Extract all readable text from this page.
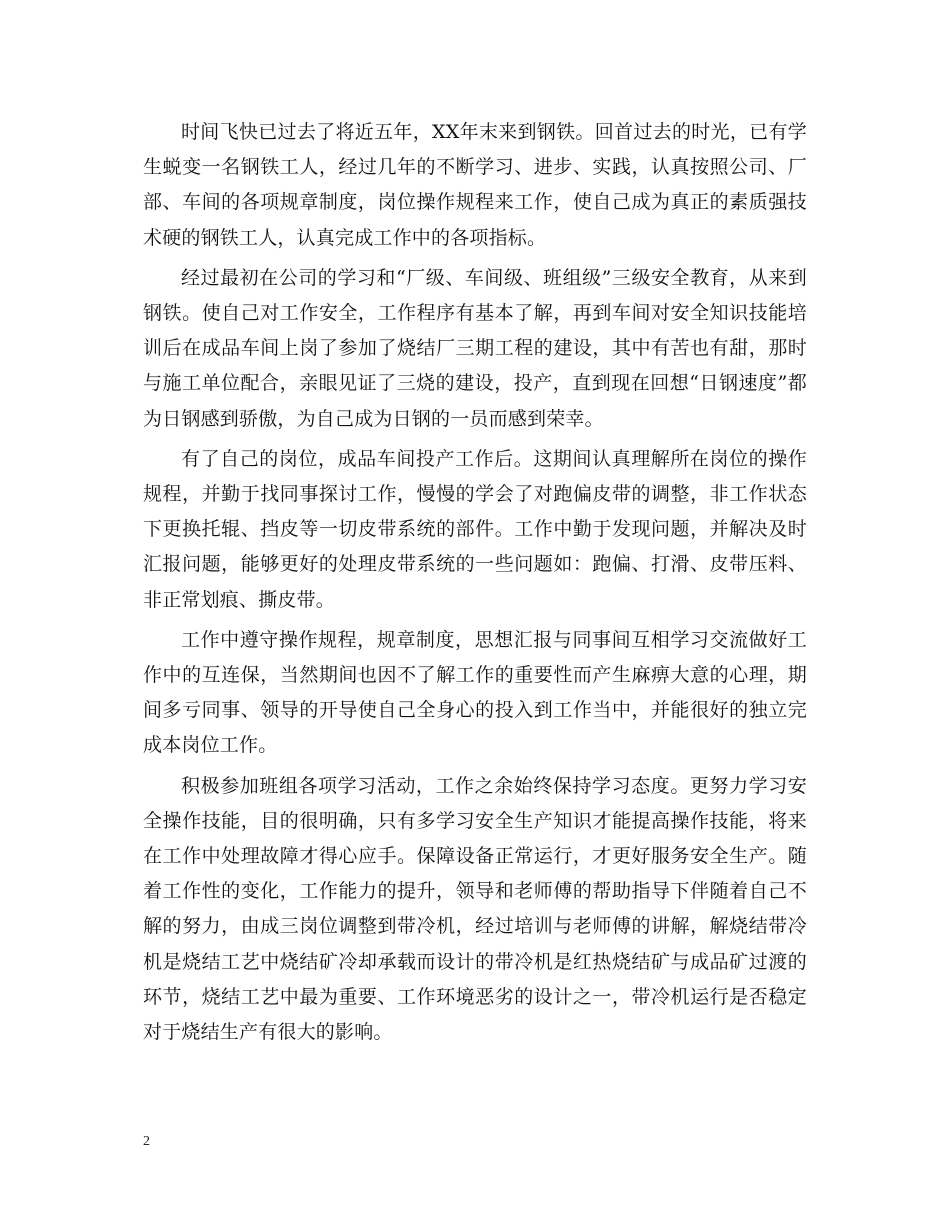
时间飞快已过去了将近五年，XX年末来到钢铁。回首过去的时光，已有学生蜕变一名钢铁工人，经过几年的不断学习、进步、实践，认真按照公司、厂部、车间的各项规章制度，岗位操作规程来工作，使自己成为真正的素质强技术硬的钢铁工人，认真完成工作中的各项指标。

经过最初在公司的学习和“厂级、车间级、班组级”三级安全教育，从来到钢铁。使自己对工作安全，工作程序有基本了解，再到车间对安全知识技能培训后在成品车间上岗了参加了烧结厂三期工程的建设，其中有苦也有甜，那时与施工单位配合，亲眼见证了三烧的建设，投产，直到现在回想“日钢速度”都为日钢感到骄傲，为自己成为日钢的一员而感到荣幸。

有了自己的岗位，成品车间投产工作后。这期间认真理解所在岗位的操作规程，并勤于找同事探讨工作，慢慢的学会了对跑偏皮带的调整，非工作状态下更换托辊、挡皮等一切皮带系统的部件。工作中勤于发现问题，并解决及时汇报问题，能够更好的处理皮带系统的一些问题如：跑偏、打滑、皮带压料、非正常划痕、撕皮带。

工作中遵守操作规程，规章制度，思想汇报与同事间互相学习交流做好工作中的互连保，当然期间也因不了解工作的重要性而产生麻痹大意的心理，期间多亏同事、领导的开导使自己全身心的投入到工作当中，并能很好的独立完成本岗位工作。

积极参加班组各项学习活动，工作之余始终保持学习态度。更努力学习安全操作技能，目的很明确，只有多学习安全生产知识才能提高操作技能，将来在工作中处理故障才得心应手。保障设备正常运行，才更好服务安全生产。随着工作性的变化，工作能力的提升，领导和老师傅的帮助指导下伴随着自己不解的努力，由成三岗位调整到带冷机，经过培训与老师傅的讲解，解烧结带冷机是烧结工艺中烧结矿冷却承载而设计的带冷机是红热烧结矿与成品矿过渡的环节，烧结工艺中最为重要、工作环境恶劣的设计之一，带冷机运行是否稳定对于烧结生产有很大的影响。

2
